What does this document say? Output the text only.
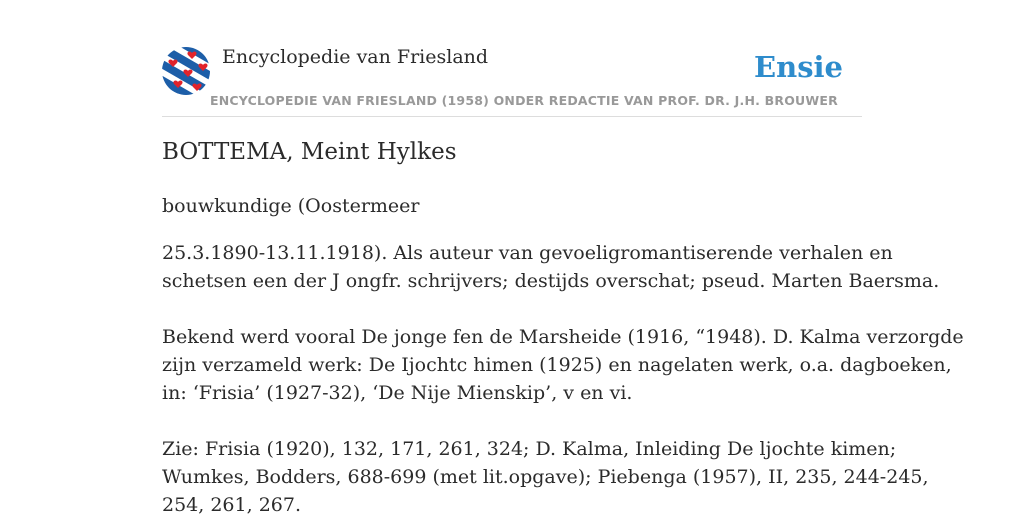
Encyclopedie van Friesland	Ensie
ENCYCLOPEDIE VAN FRIESLAND (1958) ONDER REDACTIE VAN PROF. DR. J.H. BROUWER
BOTTEMA, Meint Hylkes

bouwkundige (Oostermeer

25.3.1890-13.11.1918). Als auteur van gevoeligromantiserende verhalen en
schetsen een der J ongfr. schrijvers; destijds overschat; pseud. Marten Baersma.

Bekend werd vooral De jonge fen de Marsheide (1916, “1948). D. Kalma verzorgde
zijn verzameld werk: De Ijochtc himen (1925) en nagelaten werk, o.a. dagboeken,
in: ‘Frisia’ (1927-32), ‘De Nije Mienskip’, v en vi.

Zie: Frisia (1920), 132, 171, 261, 324; D. Kalma, Inleiding De ljochte kimen;
Wumkes, Bodders, 688-699 (met lit.opgave); Piebenga (1957), II, 235, 244-245,
254, 261, 267.
